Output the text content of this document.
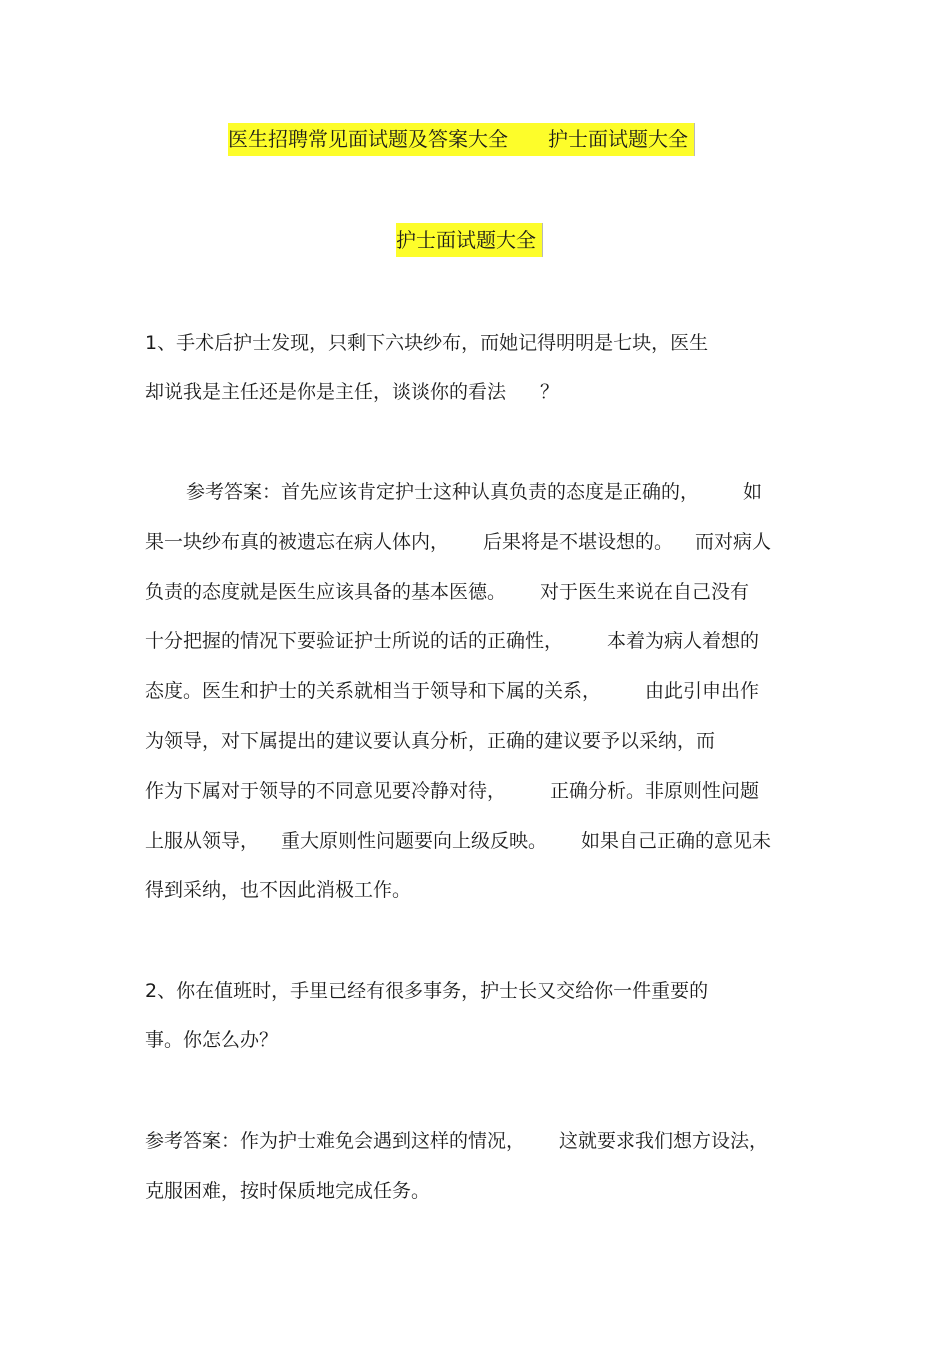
医生招聘常见面试题及答案大全 护士面试题大全
护士面试题大全
1、手术后护士发现，只剩下六块纱布，而她记得明明是七块，医生
却说我是主任还是你是主任，谈谈你的看法 ？
参考答案：首先应该肯定护士这种认真负责的态度是正确的， 如
果一块纱布真的被遗忘在病人体内， 后果将是不堪设想的。 而对病人
负责的态度就是医生应该具备的基本医德。 对于医生来说在自己没有
十分把握的情况下要验证护士所说的话的正确性， 本着为病人着想的
态度。医生和护士的关系就相当于领导和下属的关系， 由此引申出作
为领导，对下属提出的建议要认真分析，正确的建议要予以采纳，而
作为下属对于领导的不同意见要冷静对待， 正确分析。非原则性问题
上服从领导， 重大原则性问题要向上级反映。 如果自己正确的意见未
得到采纳，也不因此消极工作。
2、你在值班时，手里已经有很多事务，护士长又交给你一件重要的
事。你怎么办？
参考答案：作为护士难免会遇到这样的情况， 这就要求我们想方设法，
克服困难，按时保质地完成任务。
